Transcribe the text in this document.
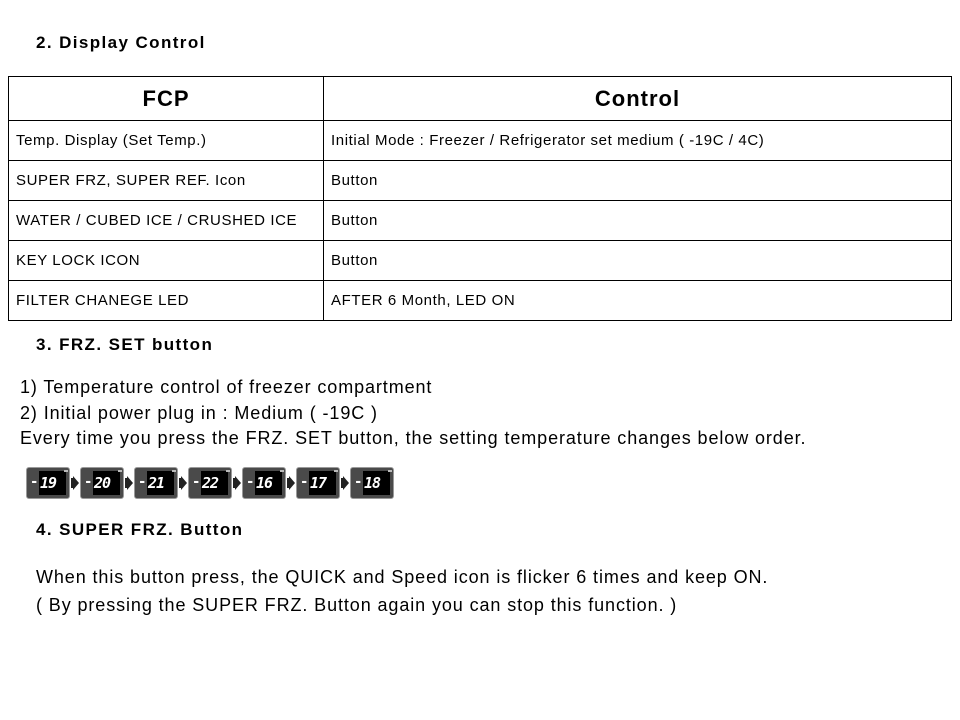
2. Display Control
FCP	Control
Temp. Display (Set Temp.)	Initial Mode : Freezer / Refrigerator set medium ( -19C / 4C)
SUPER FRZ, SUPER REF. Icon	Button
WATER / CUBED ICE / CRUSHED ICE	Button
KEY LOCK ICON	Button
FILTER CHANEGE LED	AFTER 6 Month, LED ON
3. FRZ. SET button
1) Temperature control of freezer compartment
2) Initial power plug in : Medium ( -19C )
Every time you press the FRZ. SET button, the setting temperature changes below order.
- 19 - 20 - 21 - 22 - 16 - 17 - 18
4. SUPER FRZ. Button
When this button press, the QUICK and Speed icon is flicker 6 times and keep ON.
( By pressing the SUPER FRZ. Button again you can stop this function. )
